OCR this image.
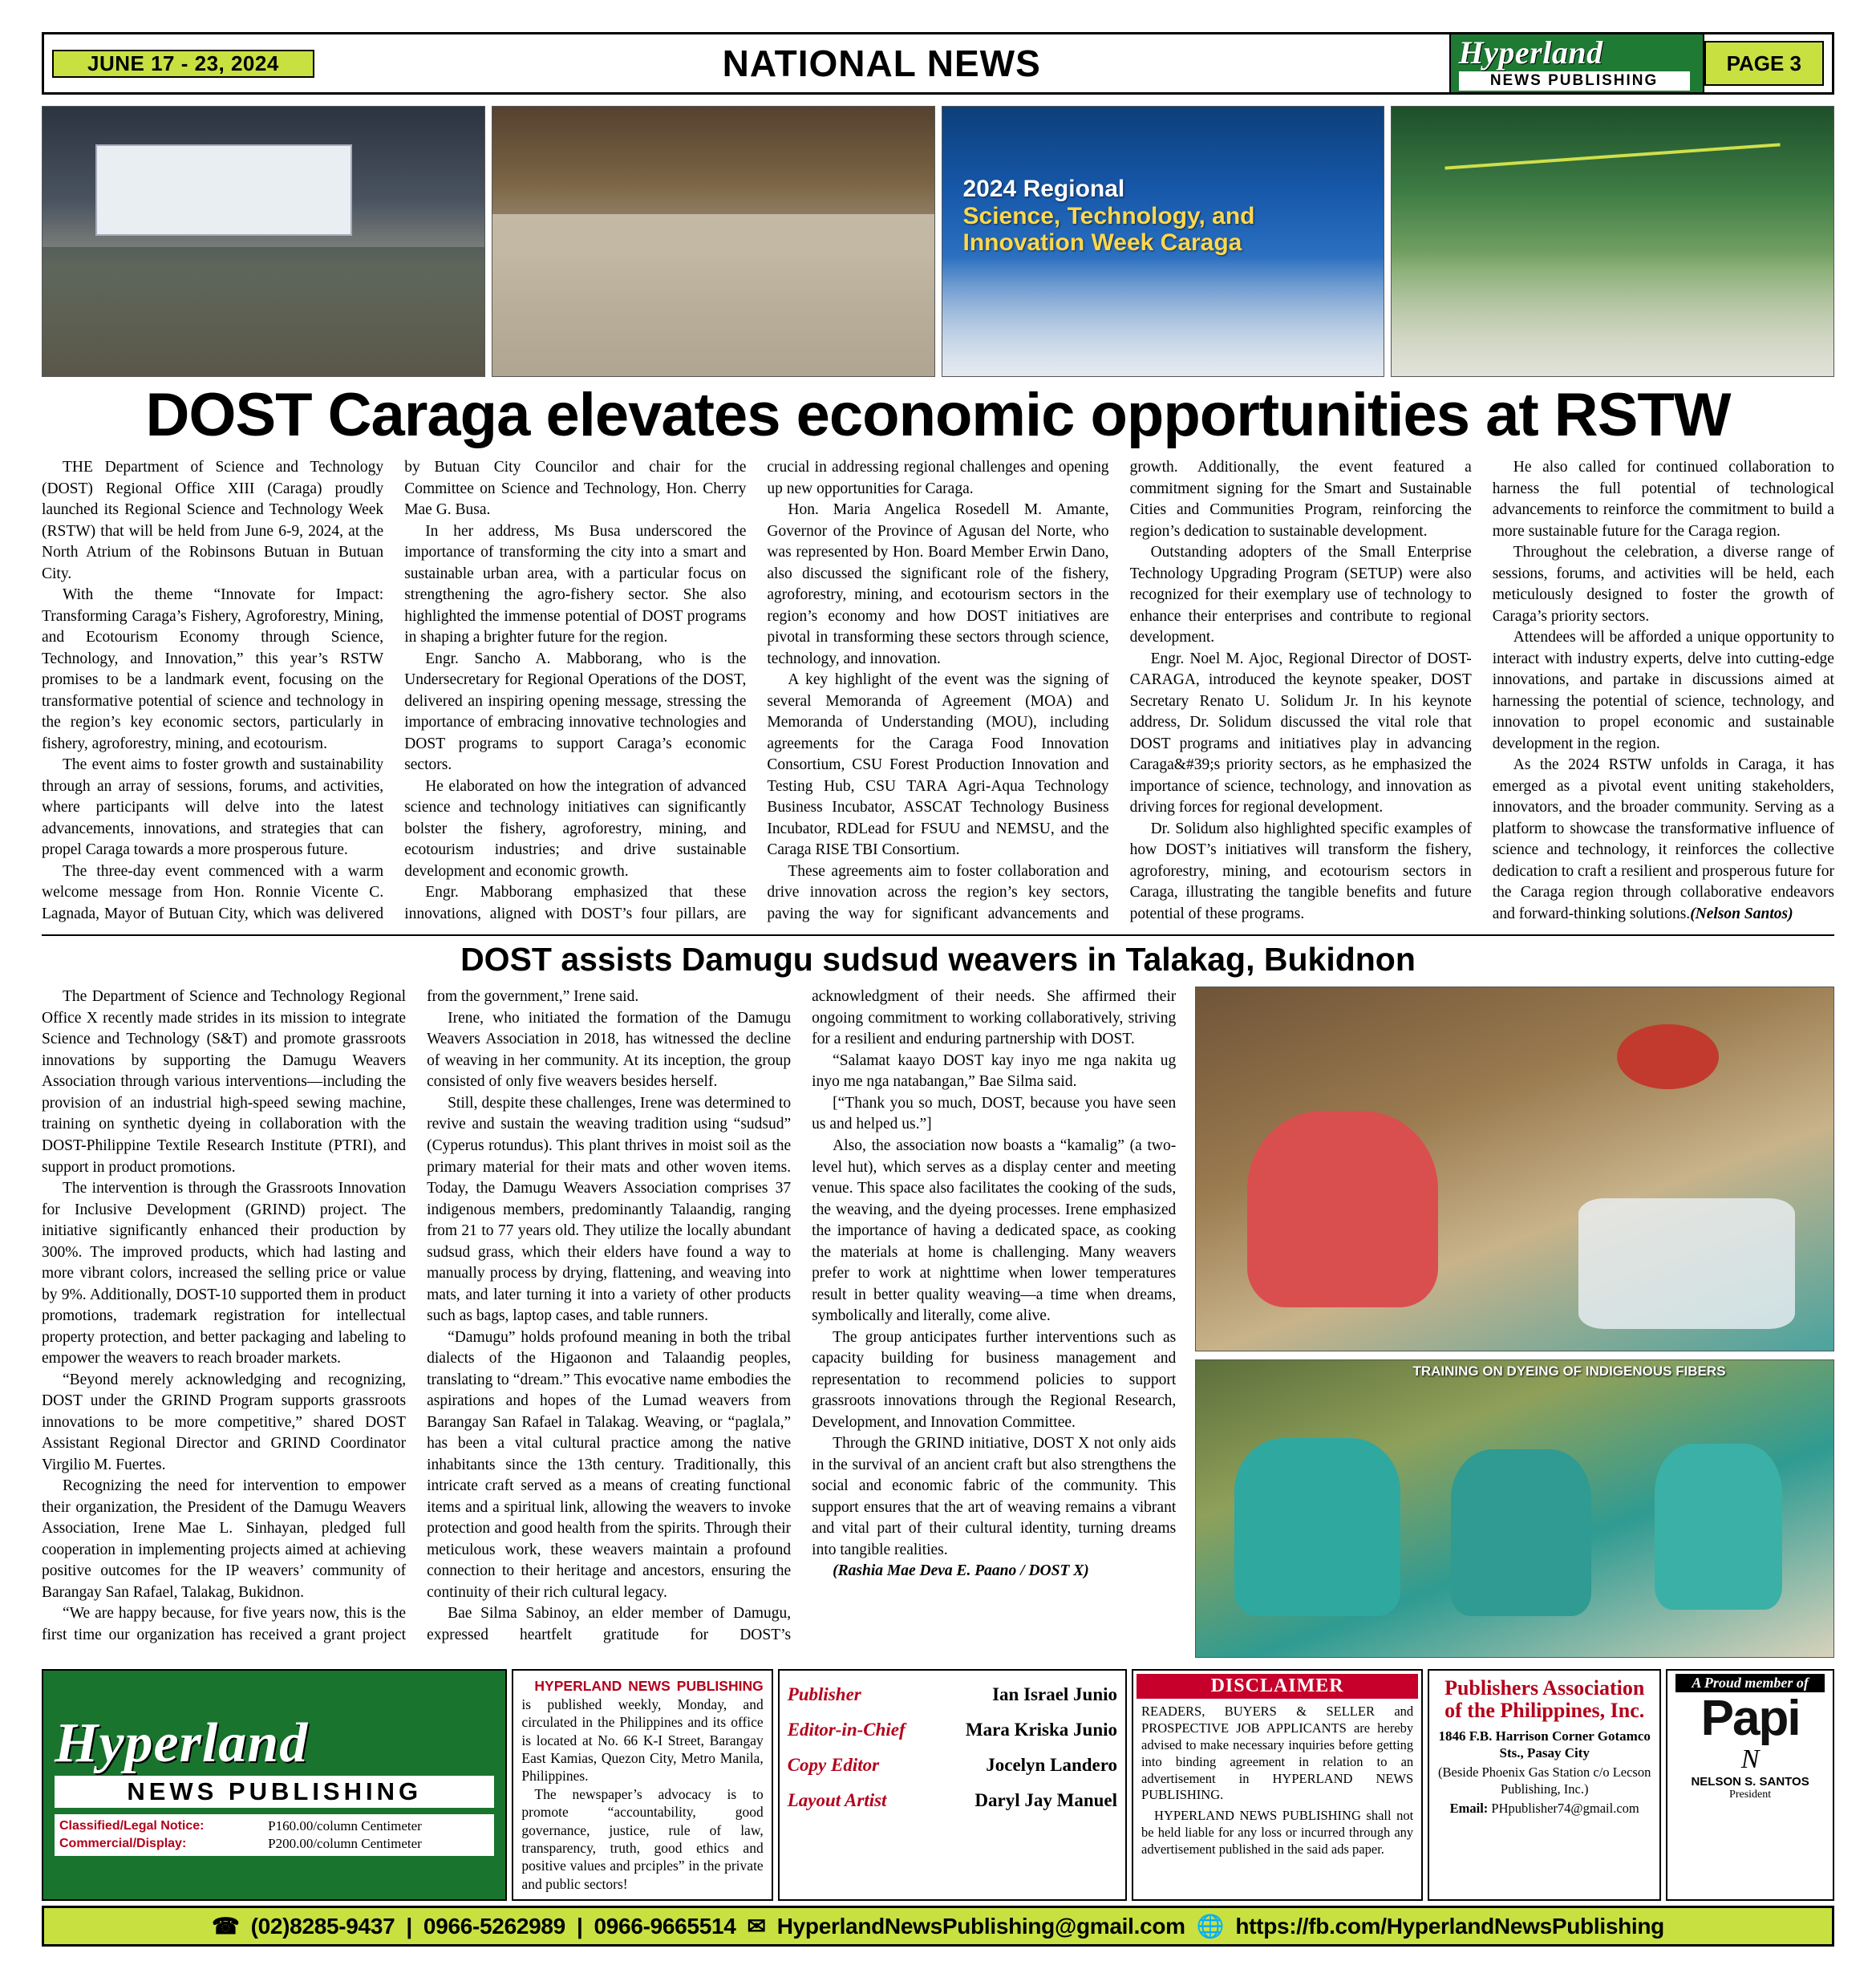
JUNE 17 - 23, 2024	NATIONAL NEWS	Hyperland
NEWS PUBLISHING
PAGE 3
2024 Regional
Science, Technology, and
Innovation Week Caraga
DOST Caraga elevates economic opportunities at RSTW

THE Department of Science and Technology (DOST) Regional Office XIII (Caraga) proudly launched its Regional Science and Technology Week (RSTW) that will be held from June 6-9, 2024, at the North Atrium of the Robinsons Butuan in Butuan City.

With the theme “Innovate for Impact: Transforming Caraga’s Fishery, Agroforestry, Mining, and Ecotourism Economy through Science, Technology, and Innovation,” this year’s RSTW promises to be a landmark event, focusing on the transformative potential of science and technology in the region’s key economic sectors, particularly in fishery, agroforestry, mining, and ecotourism.

The event aims to foster growth and sustainability through an array of sessions, forums, and activities, where participants will delve into the latest advancements, innovations, and strategies that can propel Caraga towards a more prosperous future.

The three-day event commenced with a warm welcome message from Hon. Ronnie Vicente C. Lagnada, Mayor of Butuan City, which was delivered by Butuan City Councilor and chair for the Committee on Science and Technology, Hon. Cherry Mae G. Busa.

In her address, Ms Busa underscored the importance of transforming the city into a smart and sustainable urban area, with a particular focus on strengthening the agro-fishery sector. She also highlighted the immense potential of DOST programs in shaping a brighter future for the region.

Engr. Sancho A. Mabborang, who is the Undersecretary for Regional Operations of the DOST, delivered an inspiring opening message, stressing the importance of embracing innovative technologies and DOST programs to support Caraga’s economic sectors.

He elaborated on how the integration of advanced science and technology initiatives can significantly bolster the fishery, agroforestry, mining, and ecotourism industries; and drive sustainable development and economic growth.

Engr. Mabborang emphasized that these innovations, aligned with DOST’s four pillars, are crucial in addressing regional challenges and opening up new opportunities for Caraga.

Hon. Maria Angelica Rosedell M. Amante, Governor of the Province of Agusan del Norte, who was represented by Hon. Board Member Erwin Dano, also discussed the significant role of the fishery, agroforestry, mining, and ecotourism sectors in the region’s economy and how DOST initiatives are pivotal in transforming these sectors through science, technology, and innovation.

A key highlight of the event was the signing of several Memoranda of Agreement (MOA) and Memoranda of Understanding (MOU), including agreements for the Caraga Food Innovation Consortium, CSU Forest Production Innovation and Testing Hub, CSU TARA Agri-Aqua Technology Business Incubator, ASSCAT Technology Business Incubator, RDLead for FSUU and NEMSU, and the Caraga RISE TBI Consortium.

These agreements aim to foster collaboration and drive innovation across the region’s key sectors, paving the way for significant advancements and growth. Additionally, the event featured a commitment signing for the Smart and Sustainable Cities and Communities Program, reinforcing the region’s dedication to sustainable development.

Outstanding adopters of the Small Enterprise Technology Upgrading Program (SETUP) were also recognized for their exemplary use of technology to enhance their enterprises and contribute to regional development.

Engr. Noel M. Ajoc, Regional Director of DOST-CARAGA, introduced the keynote speaker, DOST Secretary Renato U. Solidum Jr. In his keynote address, Dr. Solidum discussed the vital role that DOST programs and initiatives play in advancing Caraga&#39;s priority sectors, as he emphasized the importance of science, technology, and innovation as driving forces for regional development.

Dr. Solidum also highlighted specific examples of how DOST’s initiatives will transform the fishery, agroforestry, mining, and ecotourism sectors in Caraga, illustrating the tangible benefits and future potential of these programs.

He also called for continued collaboration to harness the full potential of technological advancements to reinforce the commitment to build a more sustainable future for the Caraga region.

Throughout the celebration, a diverse range of sessions, forums, and activities will be held, each meticulously designed to foster the growth of Caraga’s priority sectors.

Attendees will be afforded a unique opportunity to interact with industry experts, delve into cutting-edge innovations, and partake in discussions aimed at harnessing the potential of science, technology, and innovation to propel economic and sustainable development in the region.

As the 2024 RSTW unfolds in Caraga, it has emerged as a pivotal event uniting stakeholders, innovators, and the broader community. Serving as a platform to showcase the transformative influence of science and technology, it reinforces the collective dedication to craft a resilient and prosperous future for the Caraga region through collaborative endeavors and forward-thinking solutions.(Nelson Santos)

DOST assists Damugu sudsud weavers in Talakag, Bukidnon

The Department of Science and Technology Regional Office X recently made strides in its mission to integrate Science and Technology (S&T) and promote grassroots innovations by supporting the Damugu Weavers Association through various interventions—including the provision of an industrial high-speed sewing machine, training on synthetic dyeing in collaboration with the DOST-Philippine Textile Research Institute (PTRI), and support in product promotions.

The intervention is through the Grassroots Innovation for Inclusive Development (GRIND) project. The initiative significantly enhanced their production by 300%. The improved products, which had lasting and more vibrant colors, increased the selling price or value by 9%. Additionally, DOST-10 supported them in product promotions, trademark registration for intellectual property protection, and better packaging and labeling to empower the weavers to reach broader markets.

“Beyond merely acknowledging and recognizing, DOST under the GRIND Program supports grassroots innovations to be more competitive,” shared DOST Assistant Regional Director and GRIND Coordinator Virgilio M. Fuertes.

Recognizing the need for intervention to empower their organization, the President of the Damugu Weavers Association, Irene Mae L. Sinhayan, pledged full cooperation in implementing projects aimed at achieving positive outcomes for the IP weavers’ community of Barangay San Rafael, Talakag, Bukidnon.

“We are happy because, for five years now, this is the first time our organization has received a grant project from the government,” Irene said.

Irene, who initiated the formation of the Damugu Weavers Association in 2018, has witnessed the decline of weaving in her community. At its inception, the group consisted of only five weavers besides herself.

Still, despite these challenges, Irene was determined to revive and sustain the weaving tradition using “sudsud” (Cyperus rotundus). This plant thrives in moist soil as the primary material for their mats and other woven items. Today, the Damugu Weavers Association comprises 37 indigenous members, predominantly Talaandig, ranging from 21 to 77 years old. They utilize the locally abundant sudsud grass, which their elders have found a way to manually process by drying, flattening, and weaving into mats, and later turning it into a variety of other products such as bags, laptop cases, and table runners.

“Damugu” holds profound meaning in both the tribal dialects of the Higaonon and Talaandig peoples, translating to “dream.” This evocative name embodies the aspirations and hopes of the Lumad weavers from Barangay San Rafael in Talakag. Weaving, or “paglala,” has been a vital cultural practice among the native inhabitants since the 13th century. Traditionally, this intricate craft served as a means of creating functional items and a spiritual link, allowing the weavers to invoke protection and good health from the spirits. Through their meticulous work, these weavers maintain a profound connection to their heritage and ancestors, ensuring the continuity of their rich cultural legacy.

Bae Silma Sabinoy, an elder member of Damugu, expressed heartfelt gratitude for DOST’s acknowledgment of their needs. She affirmed their ongoing commitment to working collaboratively, striving for a resilient and enduring partnership with DOST.

“Salamat kaayo DOST kay inyo me nga nakita ug inyo me nga natabangan,” Bae Silma said.

[“Thank you so much, DOST, because you have seen us and helped us.”]

Also, the association now boasts a “kamalig” (a two-level hut), which serves as a display center and meeting venue. This space also facilitates the cooking of the suds, the weaving, and the dyeing processes. Irene emphasized the importance of having a dedicated space, as cooking the materials at home is challenging. Many weavers prefer to work at nighttime when lower temperatures result in better quality weaving—a time when dreams, symbolically and literally, come alive.

The group anticipates further interventions such as capacity building for business management and representation to recommend policies to support grassroots innovations through the Regional Research, Development, and Innovation Committee.

Through the GRIND initiative, DOST X not only aids in the survival of an ancient craft but also strengthens the social and economic fabric of the community. This support ensures that the art of weaving remains a vibrant and vital part of their cultural identity, turning dreams into tangible realities.

(Rashia Mae Deva E. Paano / DOST X)

TRAINING ON DYEING OF INDIGENOUS FIBERS
Hyperland
NEWS PUBLISHING
Classified/Legal Notice:	P160.00/column Centimeter
Commercial/Display:	P200.00/column Centimeter

HYPERLAND NEWS PUBLISHING is published weekly, Monday, and circulated in the Philippines and its office is located at No. 66 K-I Street, Barangay East Kamias, Quezon City, Metro Manila, Philippines.

The newspaper’s advocacy is to promote “accountability, good governance, justice, rule of law, transparency, truth, good ethics and positive values and prciples” in the private and public sectors!

Publisher	Ian Israel Junio
Editor-in-Chief	Mara Kriska Junio
Copy Editor	Jocelyn Landero
Layout Artist	Daryl Jay Manuel
DISCLAIMER

READERS, BUYERS & SELLER and PROSPECTIVE JOB APPLICANTS are hereby advised to make necessary inquiries before getting into binding agreement in relation to an advertisement in HYPERLAND NEWS PUBLISHING.

HYPERLAND NEWS PUBLISHING shall not be held liable for any loss or incurred through any advertisement published in the said ads paper.

Publishers Association of the Philippines, Inc.
1846 F.B. Harrison Corner Gotamco Sts., Pasay City
(Beside Phoenix Gas Station c/o Lecson Publishing, Inc.)
Email: PHpublisher74@gmail.com
A Proud member of
Papi
N
NELSON S. SANTOS
President
☎ (02)8285-9437 | 0966-5262989 | 0966-9665514 ✉ HyperlandNewsPublishing@gmail.com 🌐 https://fb.com/HyperlandNewsPublishing
